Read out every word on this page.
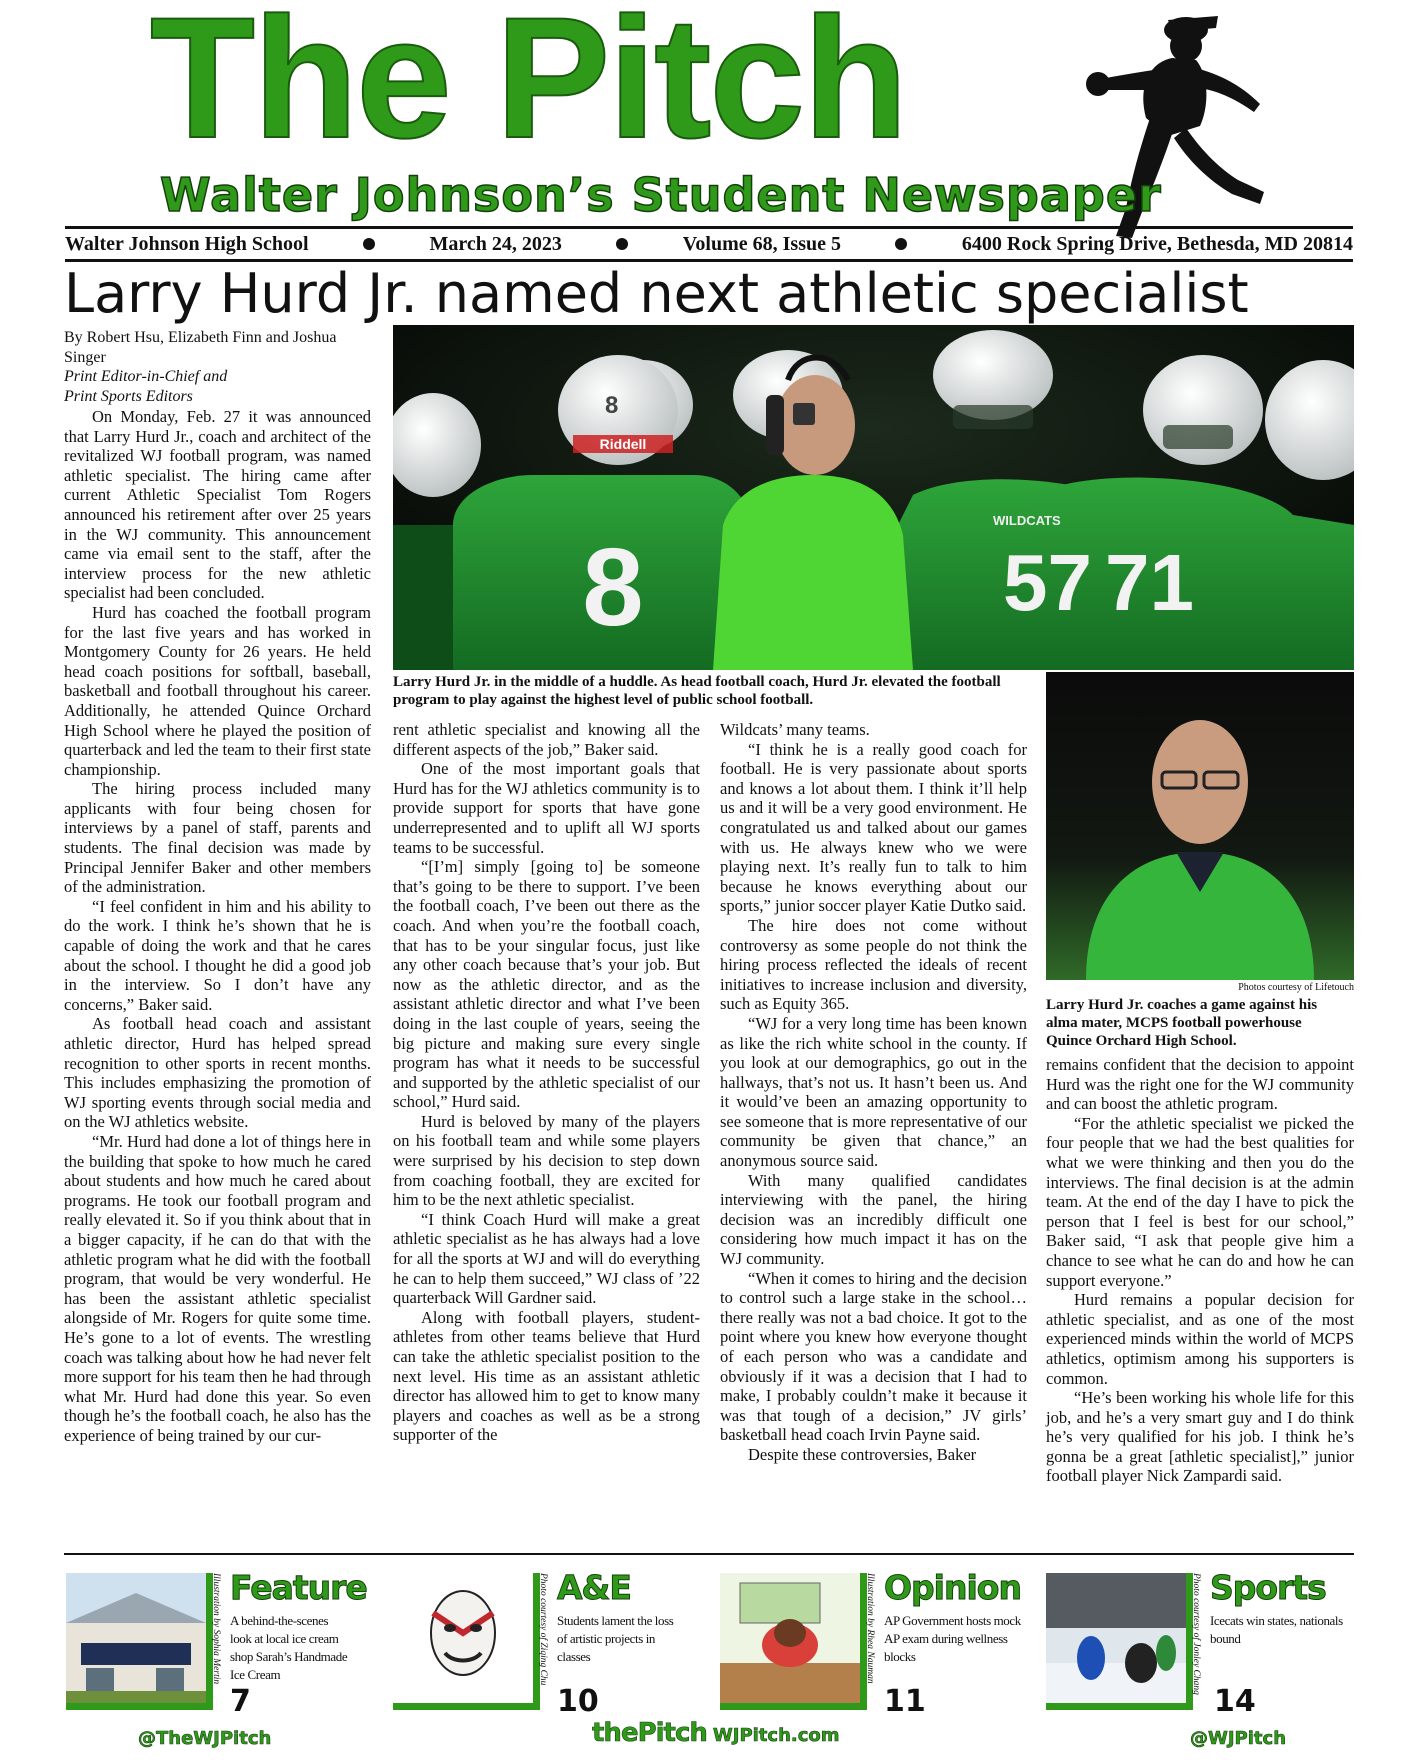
The Pitch
Walter Johnson’s Student Newspaper
Walter Johnson High School	March 24, 2023	Volume 68, Issue 5	6400 Rock Spring Drive, Bethesda, MD 20814
Larry Hurd Jr. named next athletic specialist
By Robert Hsu, Elizabeth Finn and Joshua Singer
Print Editor-in-Chief and
Print Sports Editors

On Monday, Feb. 27 it was announced that Larry Hurd Jr., coach and architect of the revitalized WJ football program, was named athletic specialist. The hiring came after current Athletic Specialist Tom Rogers announced his retirement after over 25 years in the WJ community. This announcement came via email sent to the staff, after the interview process for the new athletic specialist had been concluded.

Hurd has coached the football program for the last five years and has worked in Montgomery County for 26 years. He held head coach positions for softball, baseball, basketball and football throughout his career. Additionally, he attended Quince Orchard High School where he played the position of quarterback and led the team to their first state championship.

The hiring process included many applicants with four being chosen for interviews by a panel of staff, parents and students. The final decision was made by Principal Jennifer Baker and other members of the administration.

“I feel confident in him and his ability to do the work. I think he’s shown that he is capable of doing the work and that he cares about the school. I thought he did a good job in the interview. So I don’t have any concerns,” Baker said.

As football head coach and assistant athletic director, Hurd has helped spread recognition to other sports in recent months. This includes emphasizing the promotion of WJ sporting events through social media and on the WJ athletics website.

“Mr. Hurd had done a lot of things here in the building that spoke to how much he cared about students and how much he cared about programs. He took our football program and really elevated it. So if you think about that in a bigger capacity, if he can do that with the athletic program what he did with the football program, that would be very wonderful. He has been the assistant athletic specialist alongside of Mr. Rogers for quite some time. He’s gone to a lot of events. The wrestling coach was talking about how he had never felt more support for his team then he had through what Mr. Hurd had done this year. So even though he’s the football coach, he also has the experience of being trained by our cur-

Riddell
8
8	57 71
WILDCATS
Larry Hurd Jr. in the middle of a huddle. As head football coach, Hurd Jr. elevated the football program to play against the highest level of public school football.
Photos courtesy of Lifetouch
Larry Hurd Jr. coaches a game against his alma mater, MCPS football powerhouse Quince Orchard High School.

rent athletic specialist and knowing all the different aspects of the job,” Baker said.

One of the most important goals that Hurd has for the WJ athletics community is to provide support for sports that have gone underrepresented and to uplift all WJ sports teams to be successful.

“[I’m] simply [going to] be someone that’s going to be there to support. I’ve been the football coach, I’ve been out there as the coach. And when you’re the football coach, that has to be your singular focus, just like any other coach because that’s your job. But now as the athletic director, and as the assistant athletic director and what I’ve been doing in the last couple of years, seeing the big picture and making sure every single program has what it needs to be successful and supported by the athletic specialist of our school,” Hurd said.

Hurd is beloved by many of the players on his football team and while some players were surprised by his decision to step down from coaching football, they are excited for him to be the next athletic specialist.

“I think Coach Hurd will make a great athletic specialist as he has always had a love for all the sports at WJ and will do everything he can to help them succeed,” WJ class of ’22 quarterback Will Gardner said.

Along with football players, student-athletes from other teams believe that Hurd can take the athletic specialist position to the next level. His time as an assistant athletic director has allowed him to get to know many players and coaches as well as be a strong supporter of the

Wildcats’ many teams.

“I think he is a really good coach for football. He is very passionate about sports and knows a lot about them. I think it’ll help us and it will be a very good environment. He congratulated us and talked about our games with us. He always knew who we were playing next. It’s really fun to talk to him because he knows everything about our sports,” junior soccer player Katie Dutko said.

The hire does not come without controversy as some people do not think the hiring process reflected the ideals of recent initiatives to increase inclusion and diversity, such as Equity 365.

“WJ for a very long time has been known as like the rich white school in the county. If you look at our demographics, go out in the hallways, that’s not us. It hasn’t been us. And it would’ve been an amazing opportunity to see someone that is more representative of our community be given that chance,” an anonymous source said.

With many qualified candidates interviewing with the panel, the hiring decision was an incredibly difficult one considering how much impact it has on the WJ community.

“When it comes to hiring and the decision to control such a large stake in the school…there really was not a bad choice. It got to the point where you knew how everyone thought of each person who was a candidate and obviously if it was a decision that I had to make, I probably couldn’t make it because it was that tough of a decision,” JV girls’ basketball head coach Irvin Payne said.

Despite these controversies, Baker

remains confident that the decision to appoint Hurd was the right one for the WJ community and can boost the athletic program.

“For the athletic specialist we picked the four people that we had the best qualities for what we were thinking and then you do the interviews. The final decision is at the admin team. At the end of the day I have to pick the person that I feel is best for our school,” Baker said, “I ask that people give him a chance to see what he can do and how he can support everyone.”

Hurd remains a popular decision for athletic specialist, and as one of the most experienced minds within the world of MCPS athletics, optimism among his supporters is common.

“He’s been working his whole life for this job, and he’s a very smart guy and I do think he’s very qualified for his job. I think he’s gonna be a great [athletic specialist],” junior football player Nick Zampardi said.

Illustration by Sophia Mertin Feature
A behind-the-scenes look at local ice cream shop Sarah’s Handmade Ice Cream
7
Photo courtesy of Ziqing Chu A&E
Students lament the loss of artistic projects in classes
10
Illustration by Rhea Nauman Opinion
AP Government hosts mock AP exam during wellness blocks
11
Photo courtesy of Jonley Chang Sports
Icecats win states, nationals bound
14
@TheWJPitch	thePitch WJPitch.com	@WJPitch
